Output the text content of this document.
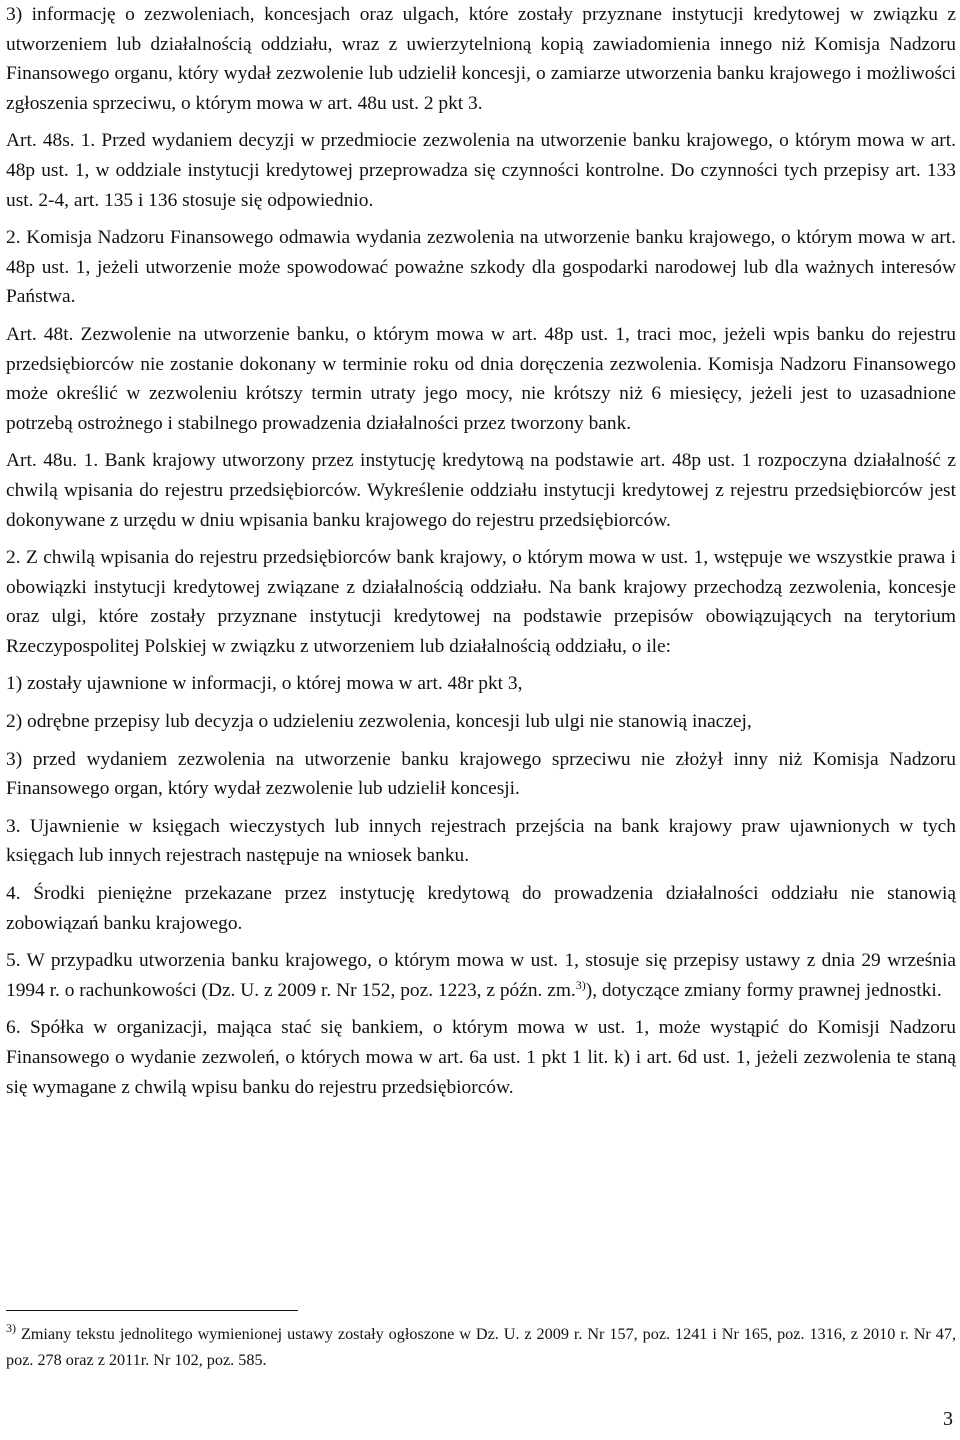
3) informację o zezwoleniach, koncesjach oraz ulgach, które zostały przyznane instytucji kredytowej w związku z utworzeniem lub działalnością oddziału, wraz z uwierzytelnioną kopią zawiadomienia innego niż Komisja Nadzoru Finansowego organu, który wydał zezwolenie lub udzielił koncesji, o zamiarze utworzenia banku krajowego i możliwości zgłoszenia sprzeciwu, o którym mowa w art. 48u ust. 2 pkt 3.

Art. 48s. 1. Przed wydaniem decyzji w przedmiocie zezwolenia na utworzenie banku krajowego, o którym mowa w art. 48p ust. 1, w oddziale instytucji kredytowej przeprowadza się czynności kontrolne. Do czynności tych przepisy art. 133 ust. 2-4, art. 135 i 136 stosuje się odpowiednio.

2. Komisja Nadzoru Finansowego odmawia wydania zezwolenia na utworzenie banku krajowego, o którym mowa w art. 48p ust. 1, jeżeli utworzenie może spowodować poważne szkody dla gospodarki narodowej lub dla ważnych interesów Państwa.

Art. 48t. Zezwolenie na utworzenie banku, o którym mowa w art. 48p ust. 1, traci moc, jeżeli wpis banku do rejestru przedsiębiorców nie zostanie dokonany w terminie roku od dnia doręczenia zezwolenia. Komisja Nadzoru Finansowego może określić w zezwoleniu krótszy termin utraty jego mocy, nie krótszy niż 6 miesięcy, jeżeli jest to uzasadnione potrzebą ostrożnego i stabilnego prowadzenia działalności przez tworzony bank.

Art. 48u. 1. Bank krajowy utworzony przez instytucję kredytową na podstawie art. 48p ust. 1 rozpoczyna działalność z chwilą wpisania do rejestru przedsiębiorców. Wykreślenie oddziału instytucji kredytowej z rejestru przedsiębiorców jest dokonywane z urzędu w dniu wpisania banku krajowego do rejestru przedsiębiorców.

2. Z chwilą wpisania do rejestru przedsiębiorców bank krajowy, o którym mowa w ust. 1, wstępuje we wszystkie prawa i obowiązki instytucji kredytowej związane z działalnością oddziału. Na bank krajowy przechodzą zezwolenia, koncesje oraz ulgi, które zostały przyznane instytucji kredytowej na podstawie przepisów obowiązujących na terytorium Rzeczypospolitej Polskiej w związku z utworzeniem lub działalnością oddziału, o ile:

1) zostały ujawnione w informacji, o której mowa w art. 48r pkt 3,

2) odrębne przepisy lub decyzja o udzieleniu zezwolenia, koncesji lub ulgi nie stanowią inaczej,

3) przed wydaniem zezwolenia na utworzenie banku krajowego sprzeciwu nie złożył inny niż Komisja Nadzoru Finansowego organ, który wydał zezwolenie lub udzielił koncesji.

3. Ujawnienie w księgach wieczystych lub innych rejestrach przejścia na bank krajowy praw ujawnionych w tych księgach lub innych rejestrach następuje na wniosek banku.

4. Środki pieniężne przekazane przez instytucję kredytową do prowadzenia działalności oddziału nie stanowią zobowiązań banku krajowego.

5. W przypadku utworzenia banku krajowego, o którym mowa w ust. 1, stosuje się przepisy ustawy z dnia 29 września 1994 r. o rachunkowości (Dz. U. z 2009 r. Nr 152, poz. 1223, z późn. zm.$^{3)}$), dotyczące zmiany formy prawnej jednostki.

6. Spółka w organizacji, mająca stać się bankiem, o którym mowa w ust. 1, może wystąpić do Komisji Nadzoru Finansowego o wydanie zezwoleń, o których mowa w art. 6a ust. 1 pkt 1 lit. k) i art. 6d ust. 1, jeżeli zezwolenia te staną się wymagane z chwilą wpisu banku do rejestru przedsiębiorców.

$^{3)}$ Zmiany tekstu jednolitego wymienionej ustawy zostały ogłoszone w Dz. U. z 2009 r. Nr 157, poz. 1241 i Nr 165, poz. 1316, z 2010 r. Nr 47, poz. 278 oraz z 2011r. Nr 102, poz. 585.

3
